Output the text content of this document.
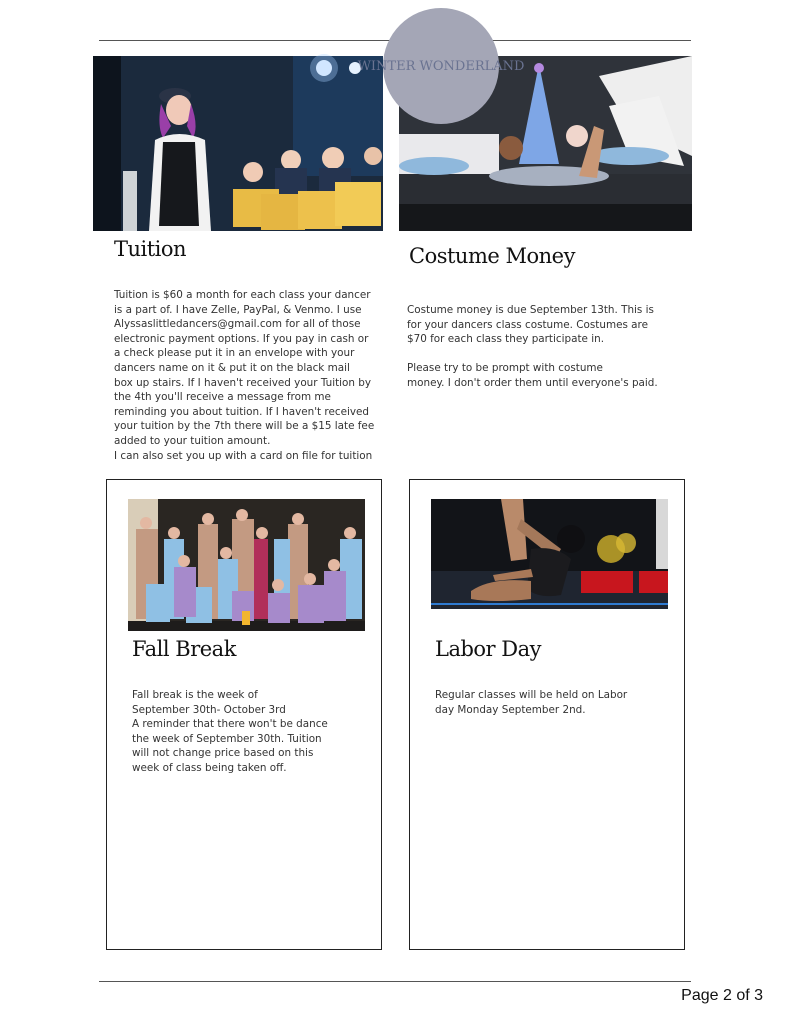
WINTER WONDERLAND
Tuition	Costume Money

Tuition is $60 a month for each class your dancer
is a part of. I have Zelle, PayPal, & Venmo. I use
Alyssaslittledancers@gmail.com for all of those
electronic payment options. If you pay in cash or
a check please put it in an envelope with your
dancers name on it & put it on the black mail
box up stairs. If I haven't received your Tuition by
the 4th you'll receive a message from me
reminding you about tuition. If I haven't received
your tuition by the 7th there will be a $15 late fee
added to your tuition amount.
I can also set you up with a card on file for tuition

Costume money is due September 13th. This is
for your dancers class costume. Costumes are
$70 for each class they participate in.

Please try to be prompt with costume
money. I don't order them until everyone's paid.

Fall Break

Fall break is the week of
September 30th- October 3rd
A reminder that there won't be dance
the week of September 30th. Tuition
will not change price based on this
week of class being taken off.

Labor Day

Regular classes will be held on Labor
day Monday September 2nd.

Page 2 of 3
